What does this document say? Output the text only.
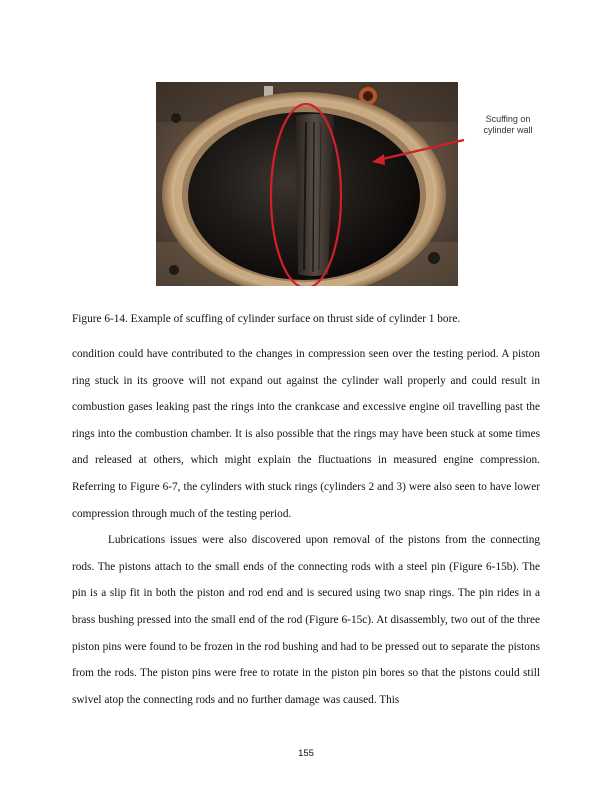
Scuffing on
cylinder wall
Figure 6-14. Example of scuffing of cylinder surface on thrust side of cylinder 1 bore.

condition could have contributed to the changes in compression seen over the testing period. A piston ring stuck in its groove will not expand out against the cylinder wall properly and could result in combustion gases leaking past the rings into the crankcase and excessive engine oil travelling past the rings into the combustion chamber. It is also possible that the rings may have been stuck at some times and released at others, which might explain the fluctuations in measured engine compression. Referring to Figure 6-7, the cylinders with stuck rings (cylinders 2 and 3) were also seen to have lower compression through much of the testing period.

Lubrications issues were also discovered upon removal of the pistons from the connecting rods. The pistons attach to the small ends of the connecting rods with a steel pin (Figure 6-15b). The pin is a slip fit in both the piston and rod end and is secured using two snap rings. The pin rides in a brass bushing pressed into the small end of the rod (Figure 6-15c). At disassembly, two out of the three piston pins were found to be frozen in the rod bushing and had to be pressed out to separate the pistons from the rods. The piston pins were free to rotate in the piston pin bores so that the pistons could still swivel atop the connecting rods and no further damage was caused. This

155
